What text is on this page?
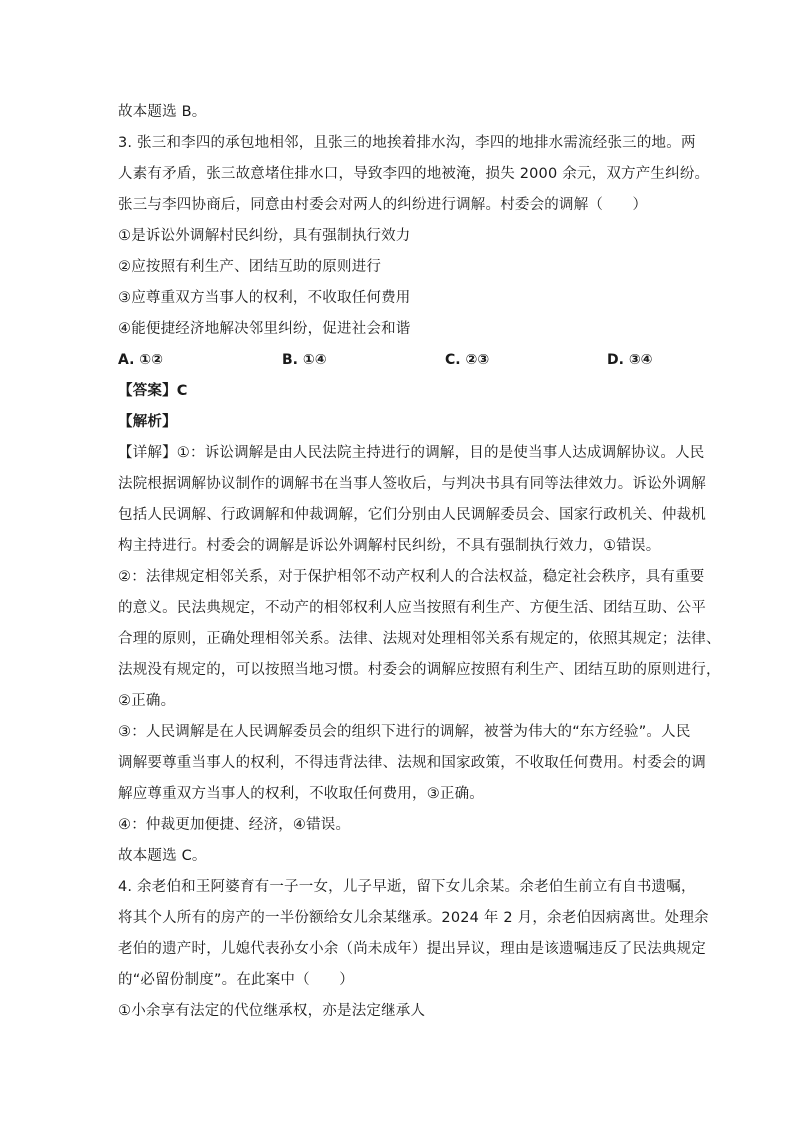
故本题选 B。

3. 张三和李四的承包地相邻，且张三的地挨着排水沟，李四的地排水需流经张三的地。两

人素有矛盾，张三故意堵住排水口，导致李四的地被淹，损失 2000 余元，双方产生纠纷。

张三与李四协商后，同意由村委会对两人的纠纷进行调解。村委会的调解（　　）

①是诉讼外调解村民纠纷，具有强制执行效力

②应按照有利生产、团结互助的原则进行

③应尊重双方当事人的权利，不收取任何费用

④能便捷经济地解决邻里纠纷，促进社会和谐

A. ①②	B. ①④	C. ②③	D. ③④

【答案】C

【解析】

【详解】①：诉讼调解是由人民法院主持进行的调解，目的是使当事人达成调解协议。人民

法院根据调解协议制作的调解书在当事人签收后，与判决书具有同等法律效力。诉讼外调解

包括人民调解、行政调解和仲裁调解，它们分别由人民调解委员会、国家行政机关、仲裁机

构主持进行。村委会的调解是诉讼外调解村民纠纷，不具有强制执行效力，①错误。

②：法律规定相邻关系，对于保护相邻不动产权利人的合法权益，稳定社会秩序，具有重要

的意义。民法典规定，不动产的相邻权利人应当按照有利生产、方便生活、团结互助、公平

合理的原则，正确处理相邻关系。法律、法规对处理相邻关系有规定的，依照其规定；法律、

法规没有规定的，可以按照当地习惯。村委会的调解应按照有利生产、团结互助的原则进行，

②正确。

③：人民调解是在人民调解委员会的组织下进行的调解，被誉为伟大的“东方经验”。人民

调解要尊重当事人的权利，不得违背法律、法规和国家政策，不收取任何费用。村委会的调

解应尊重双方当事人的权利，不收取任何费用，③正确。

④：仲裁更加便捷、经济，④错误。

故本题选 C。

4. 余老伯和王阿婆育有一子一女，儿子早逝，留下女儿余某。余老伯生前立有自书遗嘱，

将其个人所有的房产的一半份额给女儿余某继承。2024 年 2 月，余老伯因病离世。处理余

老伯的遗产时，儿媳代表孙女小余（尚未成年）提出异议，理由是该遗嘱违反了民法典规定

的“必留份制度”。在此案中（　　）

①小余享有法定的代位继承权，亦是法定继承人
